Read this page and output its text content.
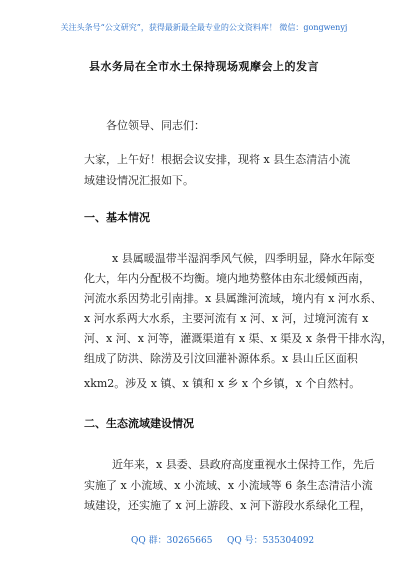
关注头条号“公文研究”，获得最新最全最专业的公文资料库！ 微信：gongwenyj
县水务局在全市水土保持现场观摩会上的发言
各位领导、同志们：
大家，上午好！根据会议安排，现将 x 县生态清洁小流
域建设情况汇报如下。
一、基本情况
x 县属暖温带半湿润季风气候，四季明显，降水年际变
化大，年内分配极不均衡。境内地势整体由东北缓倾西南，
河流水系因势北引南排。x 县属潍河流域，境内有 x 河水系、
x 河水系两大水系，主要河流有 x 河、x 河，过境河流有 x
河、x 河、x 河等，灌溉渠道有 x 渠、x 渠及 x 条骨干排水沟，
组成了防洪、除涝及引汶回灌补源体系。x 县山丘区面积
xkm2。涉及 x 镇、x 镇和 x 乡 x 个乡镇，x 个自然村。
二、生态流域建设情况
近年来，x 县委、县政府高度重视水土保持工作，先后
实施了 x 小流域、x 小流域、x 小流域等 6 条生态清洁小流
域建设，还实施了 x 河上游段、x 河下游段水系绿化工程，
QQ 群：30265665 QQ 号：535304092
